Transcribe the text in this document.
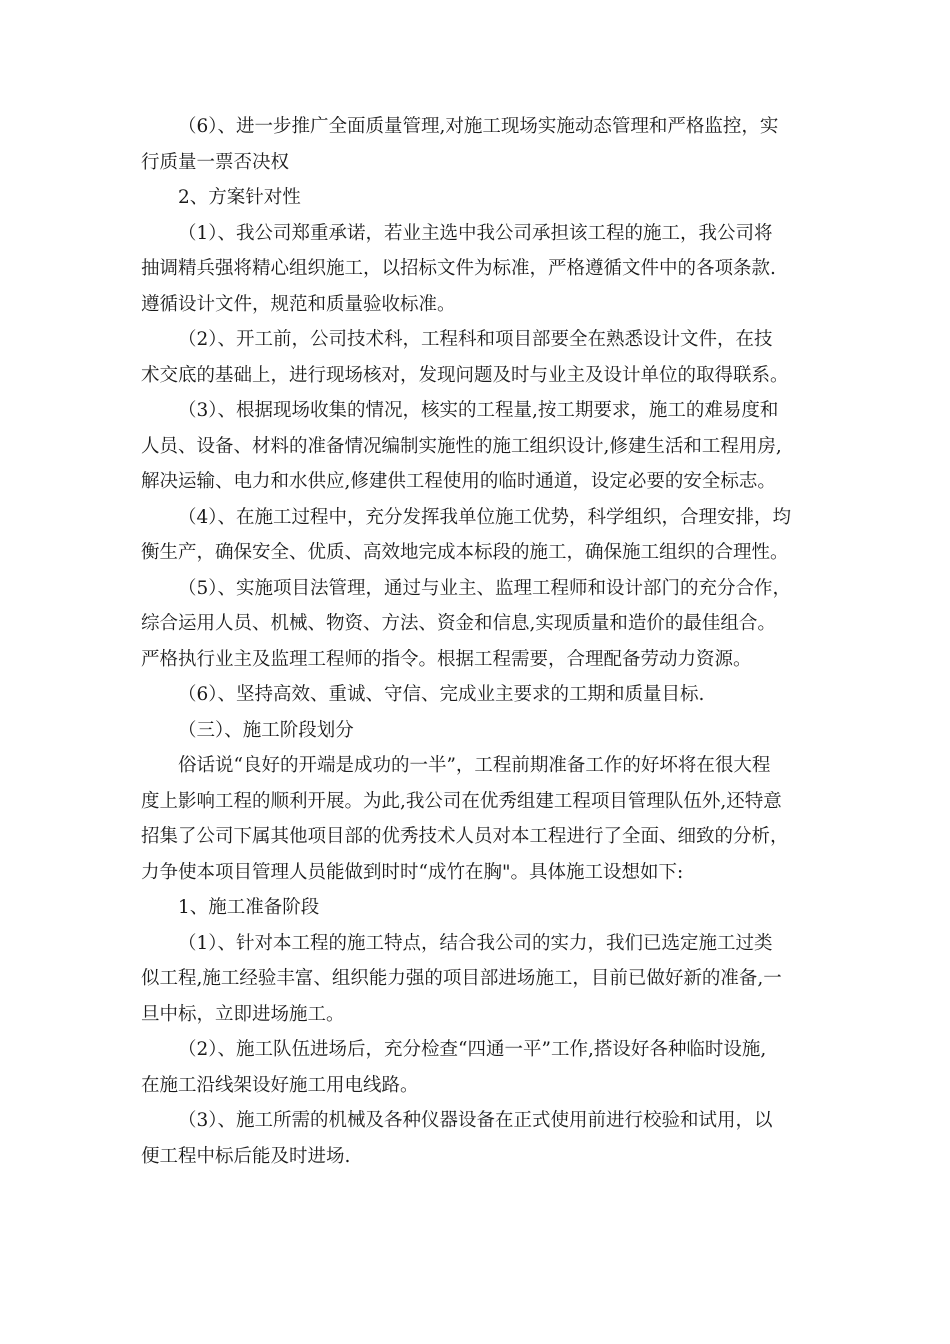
（6）、进一步推广全面质量管理,对施工现场实施动态管理和严格监控，实
行质量一票否决权
2、方案针对性
（1）、我公司郑重承诺，若业主选中我公司承担该工程的施工，我公司将
抽调精兵强将精心组织施工，以招标文件为标准，严格遵循文件中的各项条款.
遵循设计文件，规范和质量验收标准。
（2）、开工前，公司技术科，工程科和项目部要全在熟悉设计文件，在技
术交底的基础上，进行现场核对，发现问题及时与业主及设计单位的取得联系。
（3）、根据现场收集的情况，核实的工程量,按工期要求，施工的难易度和
人员、设备、材料的准备情况编制实施性的施工组织设计,修建生活和工程用房,
解决运输、电力和水供应,修建供工程使用的临时通道，设定必要的安全标志。
（4）、在施工过程中，充分发挥我单位施工优势，科学组织，合理安排，均
衡生产，确保安全、优质、高效地完成本标段的施工，确保施工组织的合理性。
（5）、实施项目法管理，通过与业主、监理工程师和设计部门的充分合作，
综合运用人员、机械、物资、方法、资金和信息,实现质量和造价的最佳组合。
严格执行业主及监理工程师的指令。根据工程需要，合理配备劳动力资源。
（6）、坚持高效、重诚、守信、完成业主要求的工期和质量目标.
（三）、施工阶段划分
俗话说“良好的开端是成功的一半”，工程前期准备工作的好坏将在很大程
度上影响工程的顺利开展。为此,我公司在优秀组建工程项目管理队伍外,还特意
招集了公司下属其他项目部的优秀技术人员对本工程进行了全面、细致的分析，
力争使本项目管理人员能做到时时“成竹在胸"。具体施工设想如下:
1、施工准备阶段
（1）、针对本工程的施工特点，结合我公司的实力，我们已选定施工过类
似工程,施工经验丰富、组织能力强的项目部进场施工，目前已做好新的准备,一
旦中标，立即进场施工。
（2）、施工队伍进场后，充分检查“四通一平”工作,搭设好各种临时设施,
在施工沿线架设好施工用电线路。
（3）、施工所需的机械及各种仪器设备在正式使用前进行校验和试用，以
便工程中标后能及时进场.
